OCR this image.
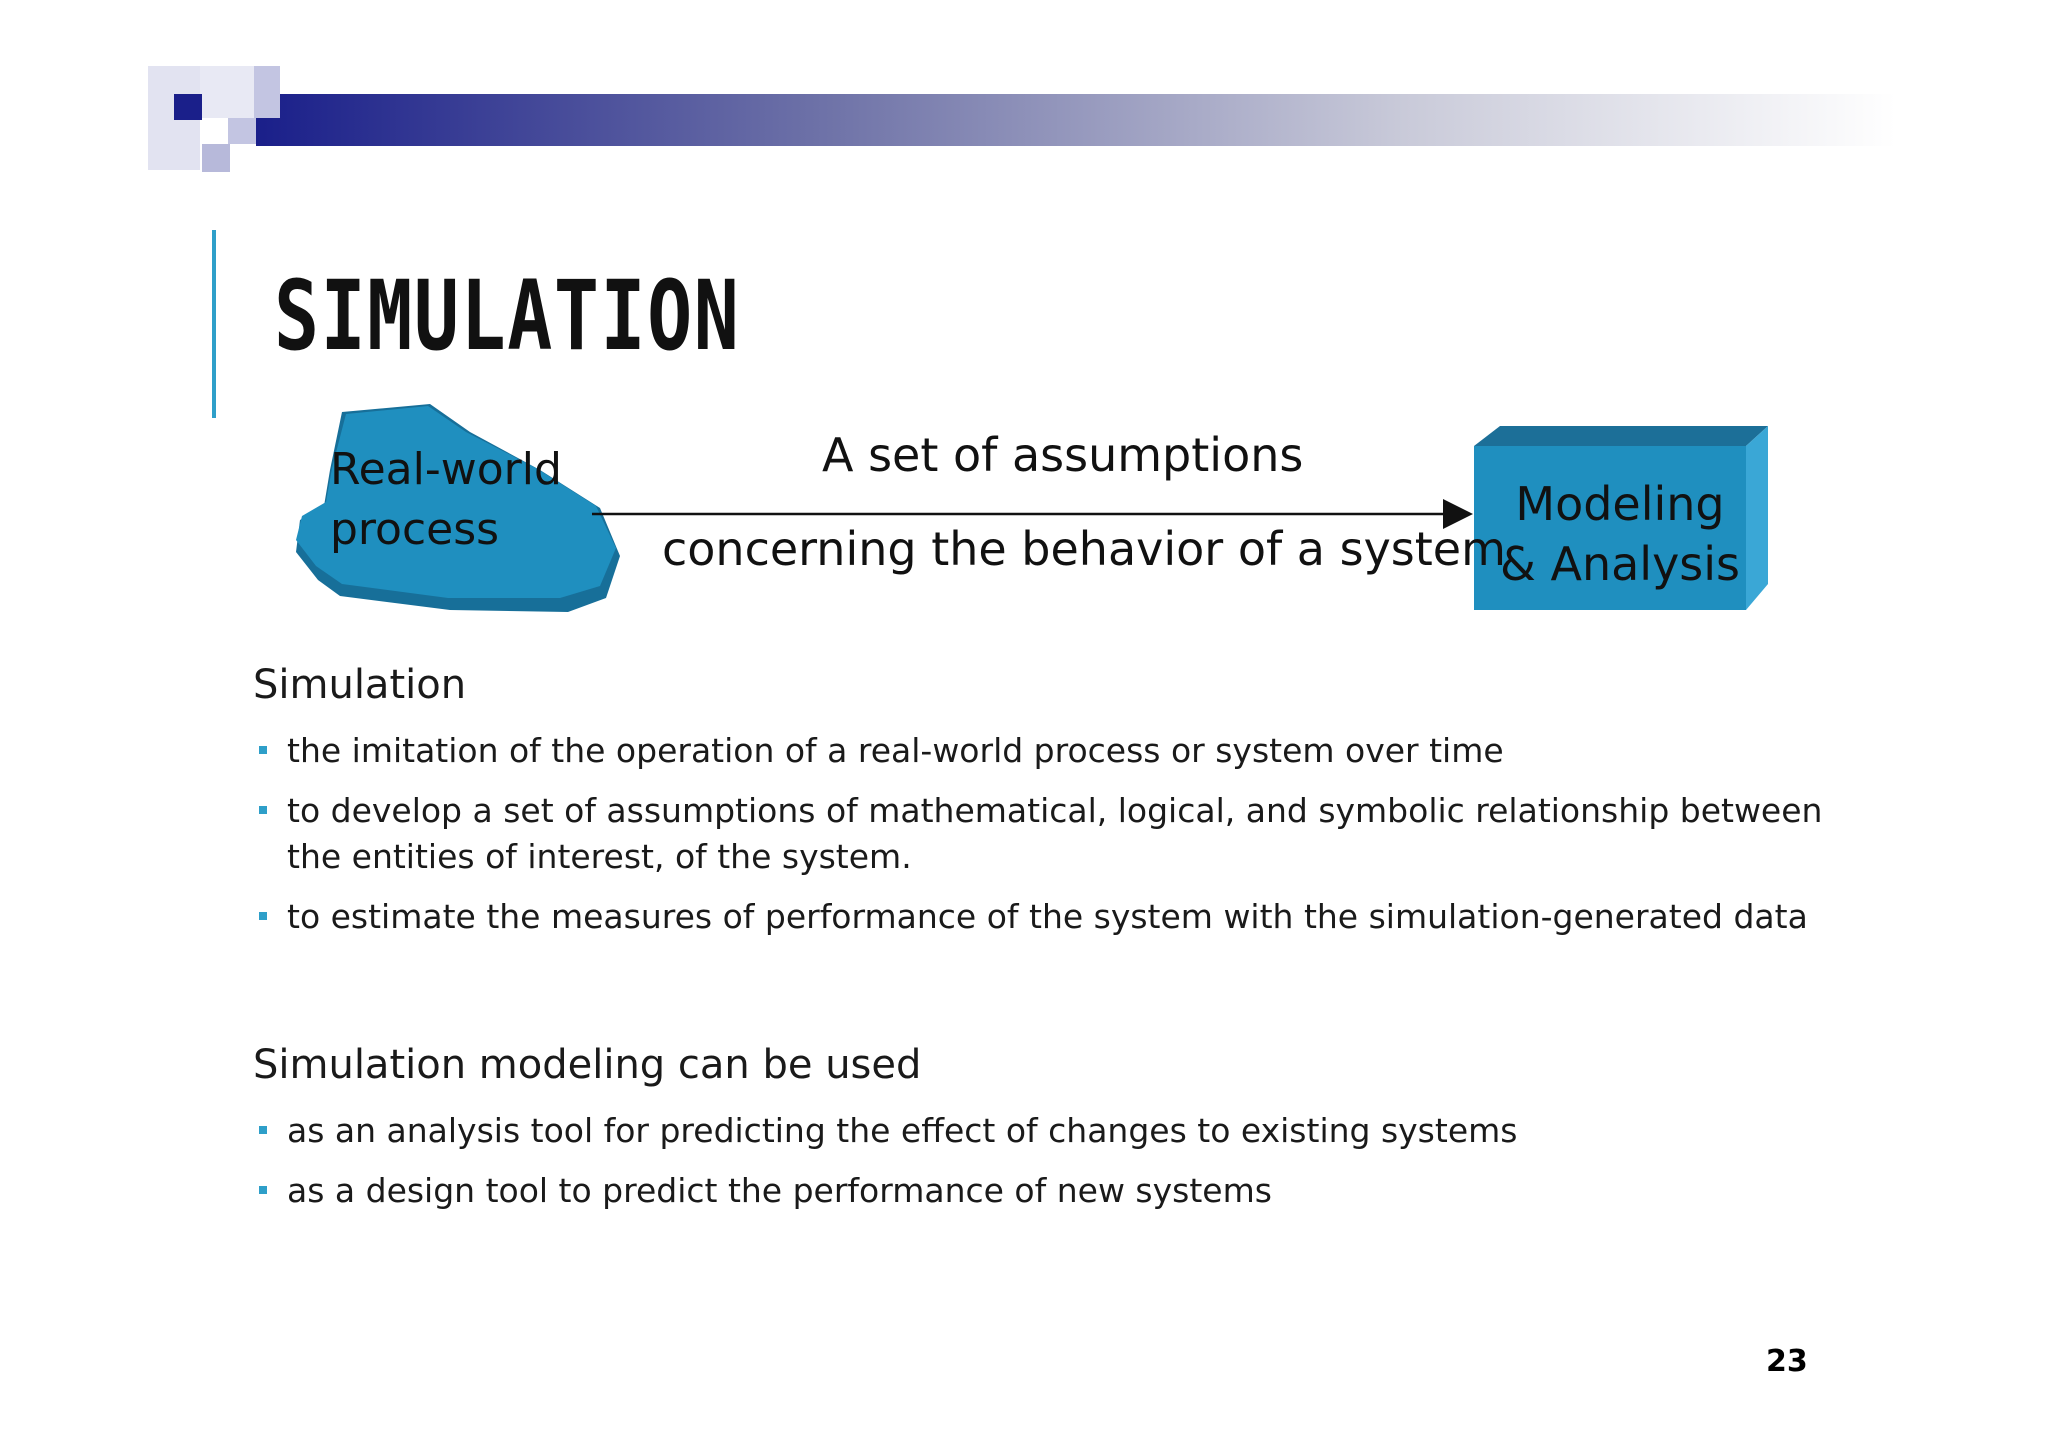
SIMULATION
Real-world
process
A set of assumptions
concerning the behavior of a system
Modeling
& Analysis
Simulation
the imitation of the operation of a real-world process or system over time
to develop a set of assumptions of mathematical, logical, and symbolic relationship between the entities of interest, of the system.
to estimate the measures of performance of the system with the simulation-generated data
Simulation modeling can be used
as an analysis tool for predicting the effect of changes to existing systems
as a design tool to predict the performance of new systems
23
